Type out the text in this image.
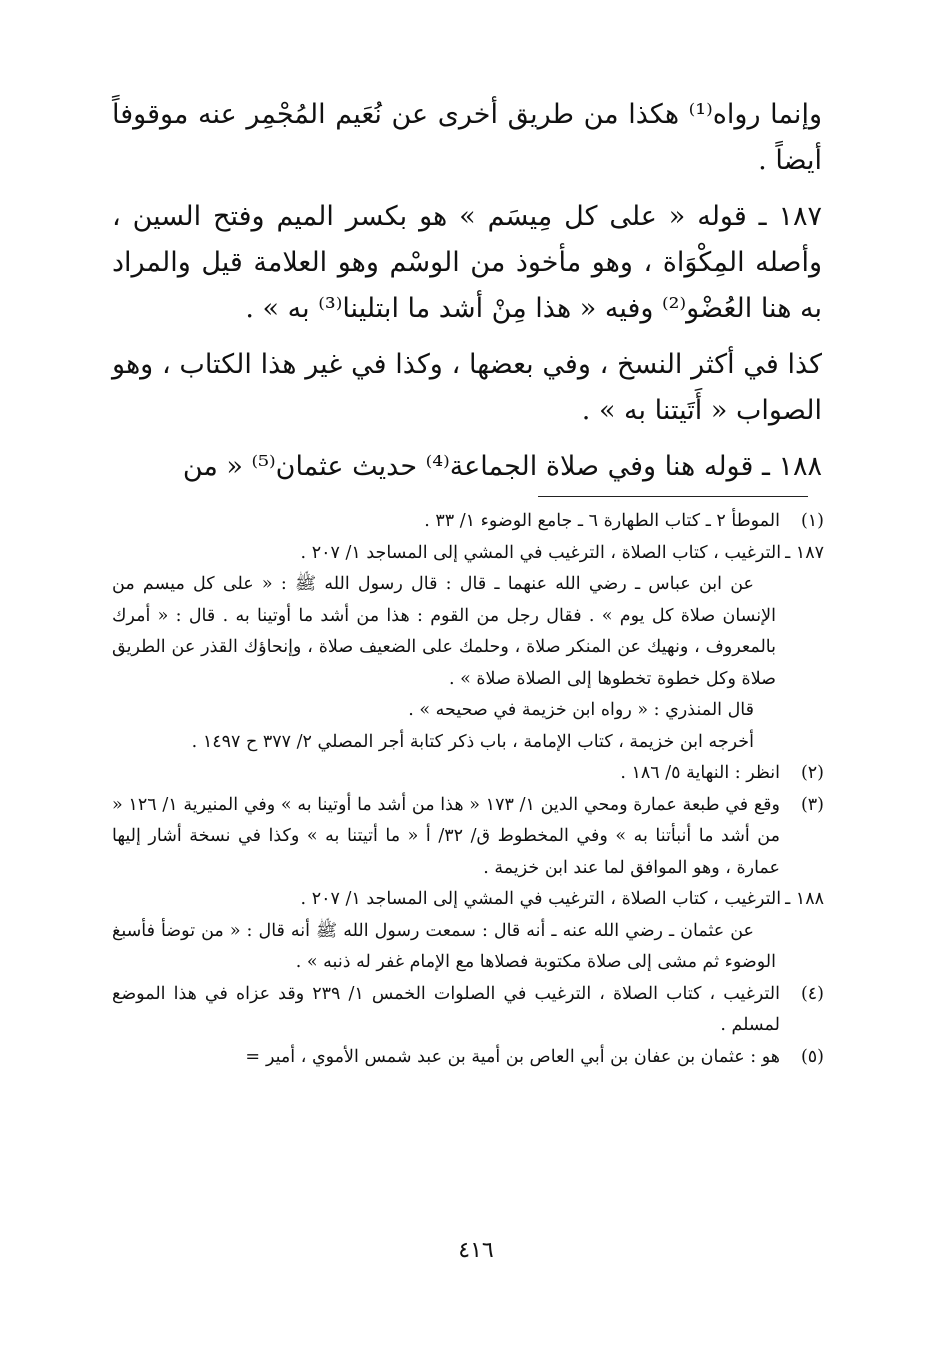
وإنما رواه⁽¹⁾ هكذا من طريق أخرى عن نُعَيم المُجْمِر عنه موقوفاً أيضاً .

١٨٧ ـ قوله « على كل مِيسَم » هو بكسر الميم وفتح السين ، وأصله المِكْوَاة ، وهو مأخوذ من الوسْم وهو العلامة قيل والمراد به هنا العُضْو⁽²⁾ وفيه « هذا مِنْ أشد ما ابتلينا⁽³⁾ به » .

كذا في أكثر النسخ ، وفي بعضها ، وكذا في غير هذا الكتاب ، وهو الصواب « أَتَيتنا به » .

١٨٨ ـ قوله هنا وفي صلاة الجماعة⁽⁴⁾ حديث عثمان⁽⁵⁾ « من

(١)
الموطأ ٢ ـ كتاب الطهارة ٦ ـ جامع الوضوء ١/ ٣٣ .
١٨٧ ـ
الترغيب ، كتاب الصلاة ، الترغيب في المشي إلى المساجد ١/ ٢٠٧ .

عن ابن عباس ـ رضي الله عنهما ـ قال : قال رسول الله ﷺ : « على كل ميسم من الإنسان صلاة كل يوم » . فقال رجل من القوم : هذا من أشد ما أوتينا به . قال : « أمرك بالمعروف ، ونهيك عن المنكر صلاة ، وحلمك على الضعيف صلاة ، وإنحاؤك القذر عن الطريق صلاة وكل خطوة تخطوها إلى الصلاة صلاة » .

قال المنذري : « رواه ابن خزيمة في صحيحه » .

أخرجه ابن خزيمة ، كتاب الإمامة ، باب ذكر كتابة أجر المصلي ٢/ ٣٧٧ ح ١٤٩٧ .

(٢)
انظر : النهاية ٥/ ١٨٦ .
(٣)
وقع في طبعة عمارة ومحي الدين ١/ ١٧٣ « هذا من أشد ما أوتينا به » وفي المنيرية ١/ ١٢٦ « من أشد ما أنبأتنا به » وفي المخطوط ق/ ٣٢/ أ « ما أتيتنا به » وكذا في نسخة أشار إليها عمارة ، وهو الموافق لما عند ابن خزيمة .
١٨٨ ـ
الترغيب ، كتاب الصلاة ، الترغيب في المشي إلى المساجد ١/ ٢٠٧ .

عن عثمان ـ رضي الله عنه ـ أنه قال : سمعت رسول الله ﷺ أنه قال : « من توضأ فأسبغ الوضوء ثم مشى إلى صلاة مكتوبة فصلاها مع الإمام غفر له ذنبه » .

(٤)
الترغيب ، كتاب الصلاة ، الترغيب في الصلوات الخمس ١/ ٢٣٩ وقد عزاه في هذا الموضع لمسلم .
(٥)
هو : عثمان بن عفان بن أبي العاص بن أمية بن عبد شمس الأموي ، أمير=
٤١٦
